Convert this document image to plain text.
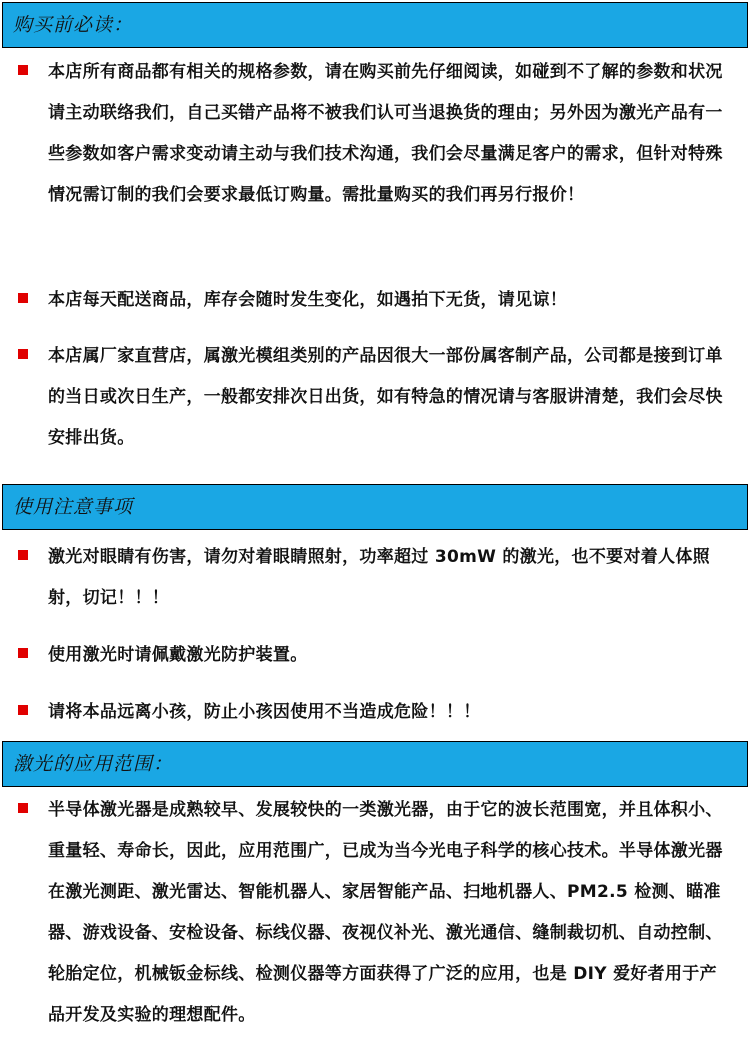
购买前必读：
本店所有商品都有相关的规格参数，请在购买前先仔细阅读，如碰到不了解的参数和状况请主动联络我们，自己买错产品将不被我们认可当退换货的理由；另外因为激光产品有一些参数如客户需求变动请主动与我们技术沟通，我们会尽量满足客户的需求，但针对特殊情况需订制的我们会要求最低订购量。需批量购买的我们再另行报价！
本店每天配送商品，库存会随时发生变化，如遇拍下无货，请见谅！
本店属厂家直营店，属激光模组类别的产品因很大一部份属客制产品，公司都是接到订单的当日或次日生产，一般都安排次日出货，如有特急的情况请与客服讲清楚，我们会尽快安排出货。
使用注意事项
激光对眼睛有伤害，请勿对着眼睛照射，功率超过 30mW 的激光，也不要对着人体照射，切记！！！
使用激光时请佩戴激光防护装置。
请将本品远离小孩，防止小孩因使用不当造成危险！！！
激光的应用范围：
半导体激光器是成熟较早、发展较快的一类激光器，由于它的波长范围宽，并且体积小、重量轻、寿命长，因此，应用范围广，已成为当今光电子科学的核心技术。半导体激光器在激光测距、激光雷达、智能机器人、家居智能产品、扫地机器人、PM2.5 检测、瞄准器、游戏设备、安检设备、标线仪器、夜视仪补光、激光通信、缝制裁切机、自动控制、轮胎定位，机械钣金标线、检测仪器等方面获得了广泛的应用，也是 DIY 爱好者用于产品开发及实验的理想配件。
